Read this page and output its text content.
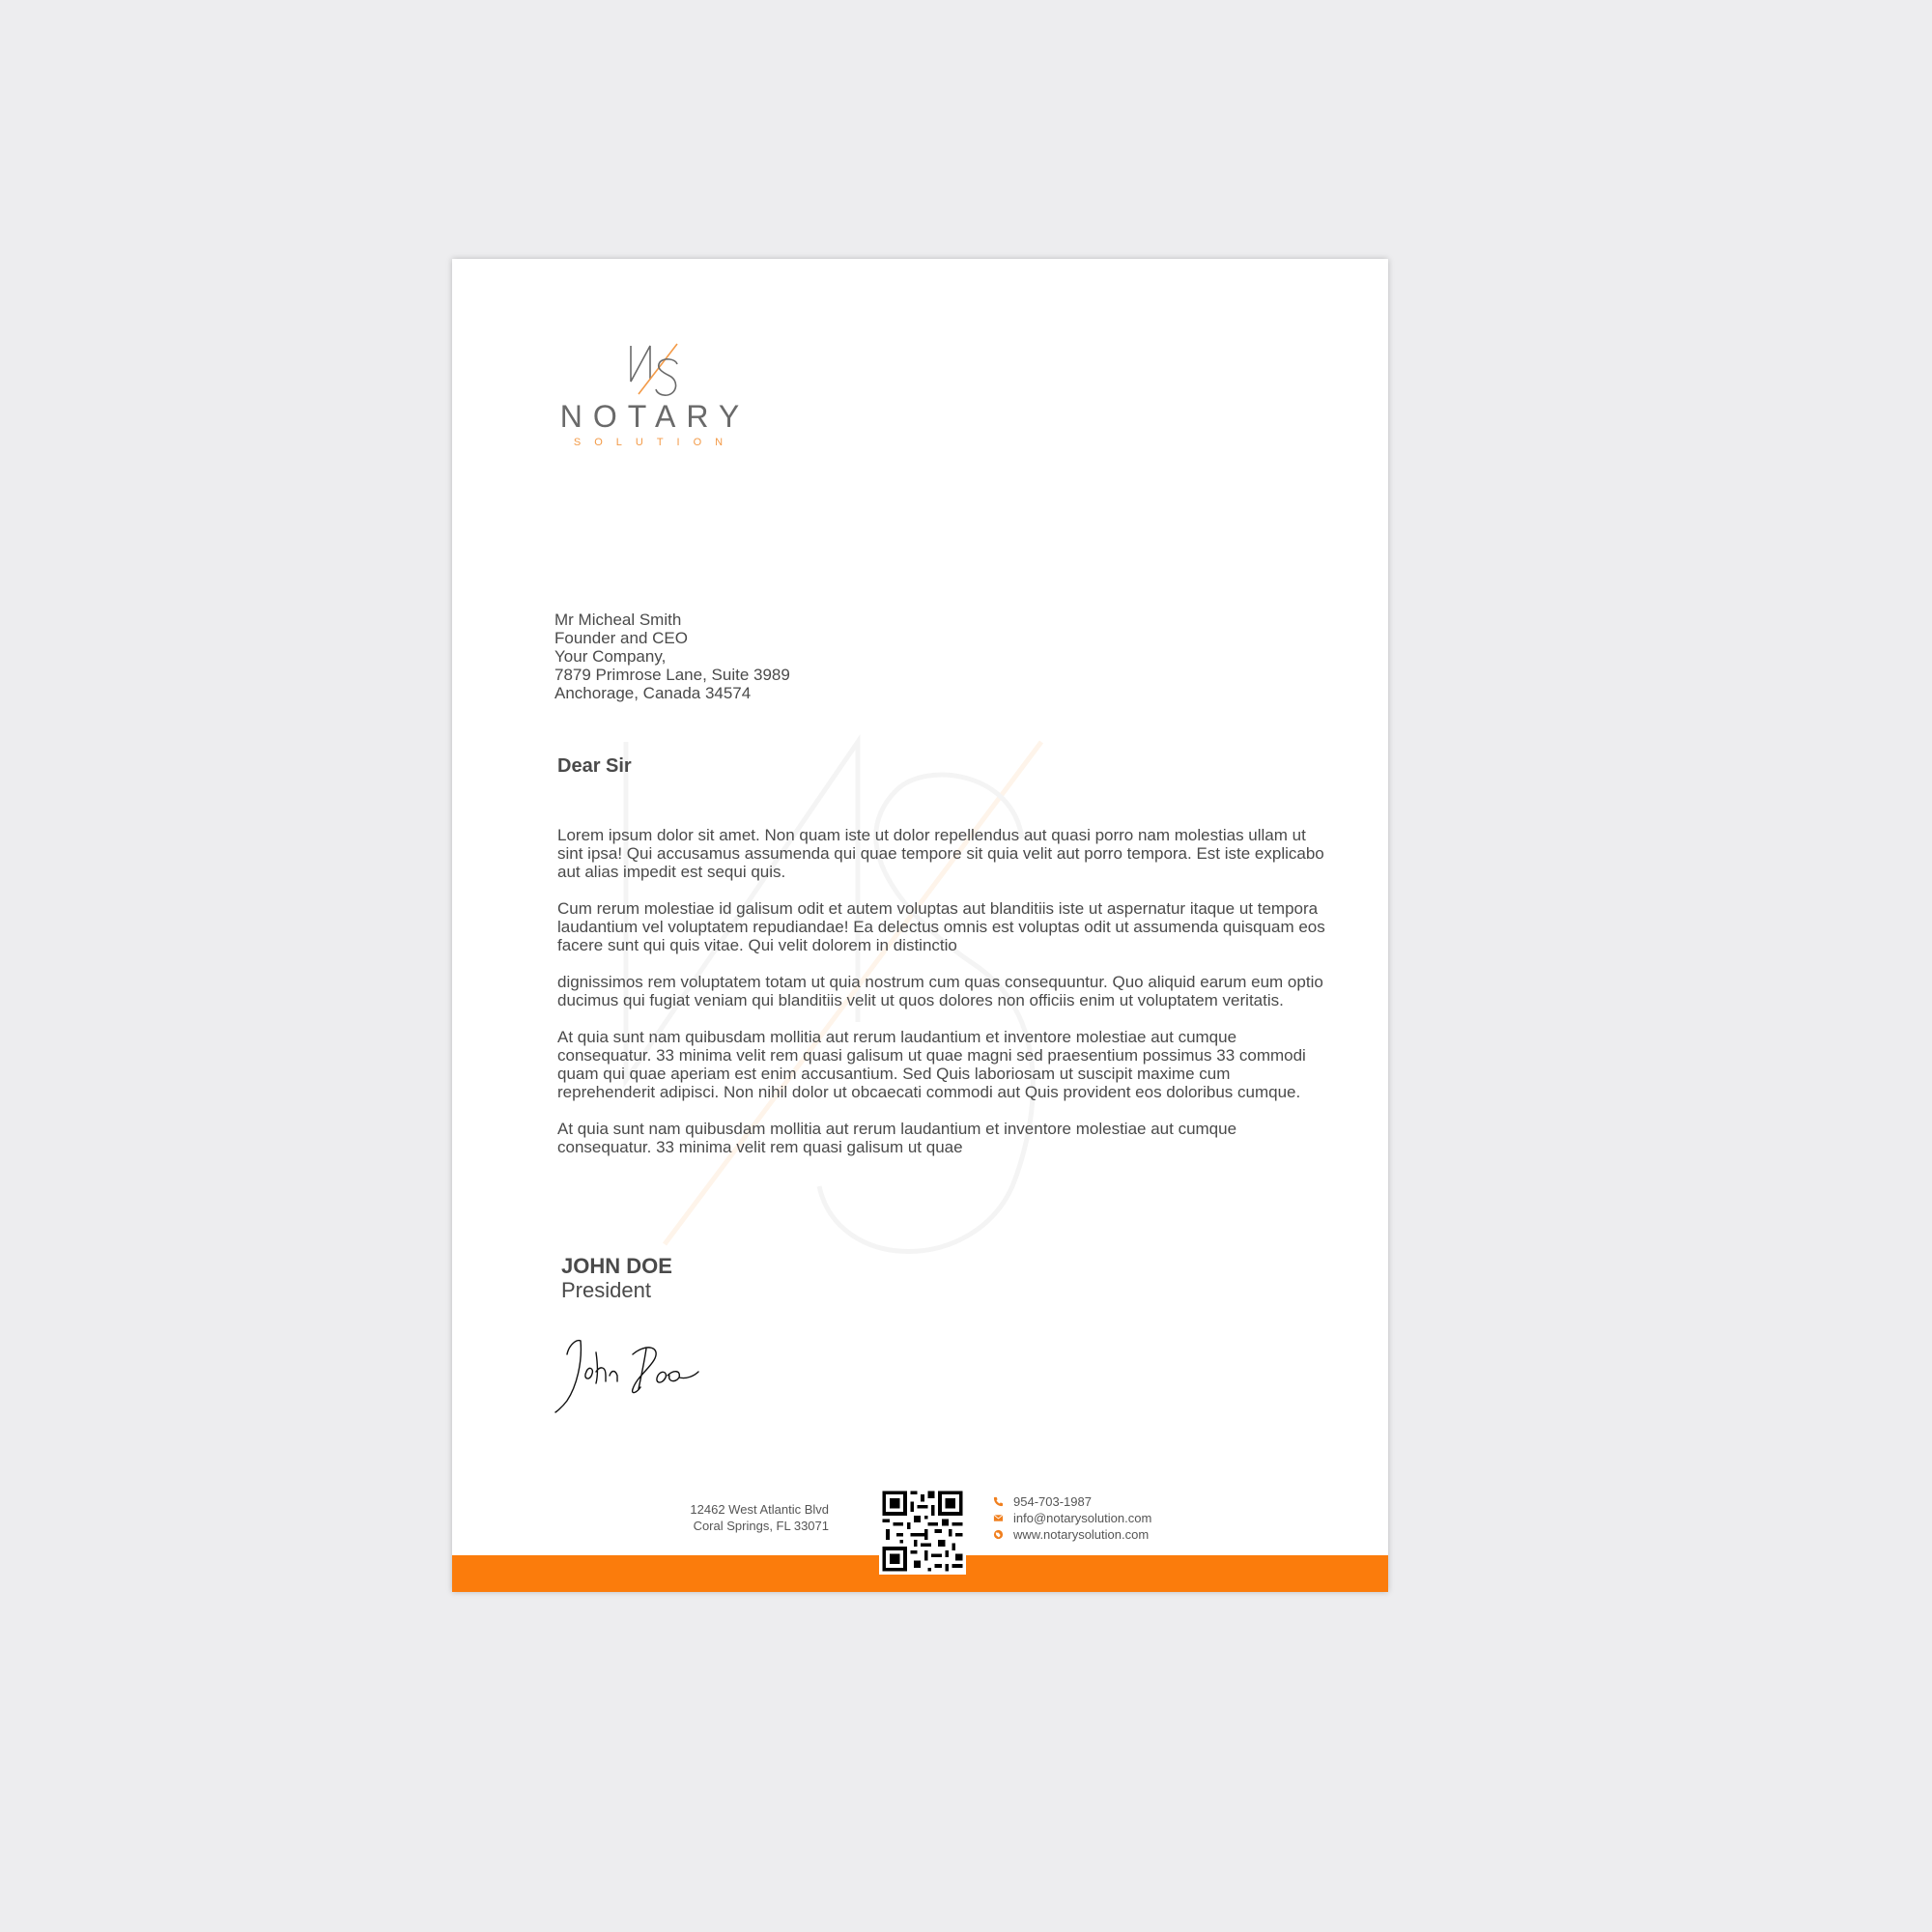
NOTARY
SOLUTION
Mr Micheal Smith
Founder and CEO
Your Company,
7879 Primrose Lane, Suite 3989
Anchorage, Canada 34574
Dear Sir

Lorem ipsum dolor sit amet. Non quam iste ut dolor repellendus aut quasi porro nam molestias ullam ut sint ipsa! Qui accusamus assumenda qui quae tempore sit quia velit aut porro tempora. Est iste explicabo aut alias impedit est sequi quis.

Cum rerum molestiae id galisum odit et autem voluptas aut blanditiis iste ut aspernatur itaque ut tempora laudantium vel voluptatem repudiandae! Ea delectus omnis est voluptas odit ut assumenda quisquam eos facere sunt qui quis vitae. Qui velit dolorem in distinctio

dignissimos rem voluptatem totam ut quia nostrum cum quas consequuntur. Quo aliquid earum eum optio ducimus qui fugiat veniam qui blanditiis velit ut quos dolores non officiis enim ut voluptatem veritatis.

At quia sunt nam quibusdam mollitia aut rerum laudantium et inventore molestiae aut cumque consequatur. 33 minima velit rem quasi galisum ut quae magni sed praesentium possimus 33 commodi quam qui quae aperiam est enim accusantium. Sed Quis laboriosam ut suscipit maxime cum reprehenderit adipisci. Non nihil dolor ut obcaecati commodi aut Quis provident eos doloribus cumque.

At quia sunt nam quibusdam mollitia aut rerum laudantium et inventore molestiae aut cumque consequatur. 33 minima velit rem quasi galisum ut quae

JOHN DOE
President
12462 West Atlantic Blvd
Coral Springs, FL 33071
954-703-1987
info@notarysolution.com
www.notarysolution.com
